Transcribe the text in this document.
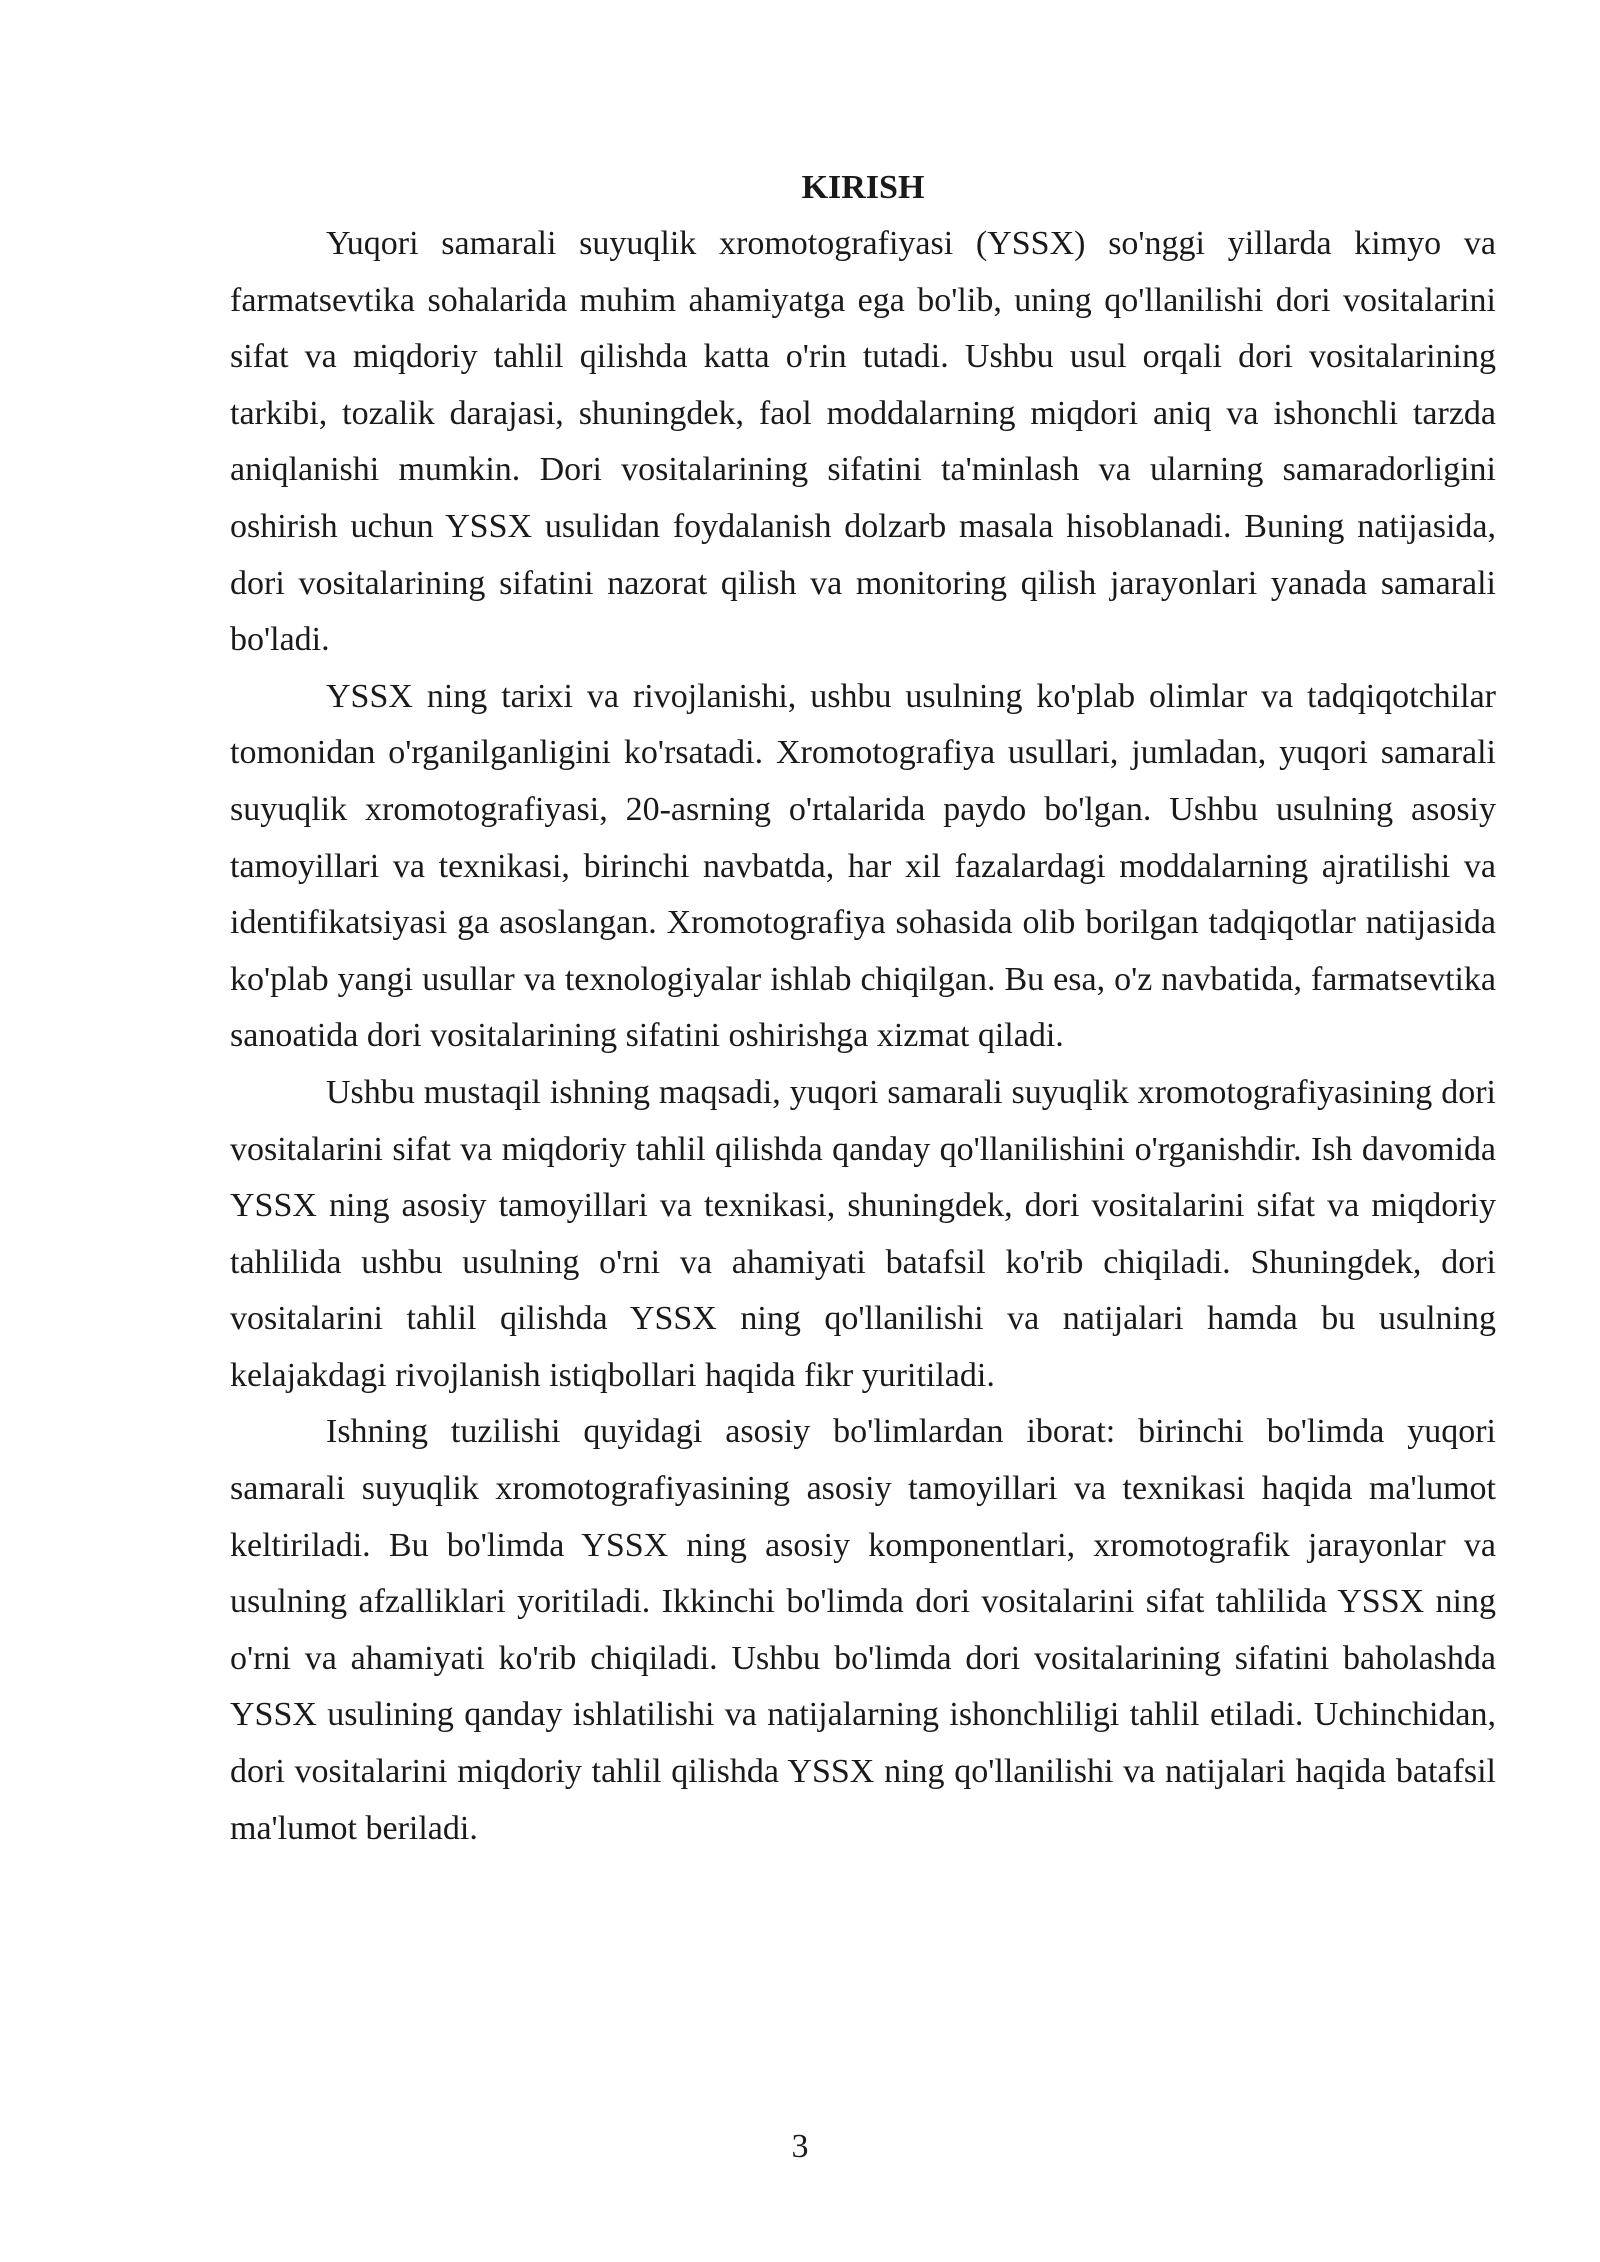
KIRISH

Yuqori samarali suyuqlik xromotografiyasi (YSSX) so'nggi yillarda kimyo va farmatsevtika sohalarida muhim ahamiyatga ega bo'lib, uning qo'llanilishi dori vositalarini sifat va miqdoriy tahlil qilishda katta o'rin tutadi. Ushbu usul orqali dori vositalarining tarkibi, tozalik darajasi, shuningdek, faol moddalarning miqdori aniq va ishonchli tarzda aniqlanishi mumkin. Dori vositalarining sifatini ta'minlash va ularning samaradorligini oshirish uchun YSSX usulidan foydalanish dolzarb masala hisoblanadi. Buning natijasida, dori vositalarining sifatini nazorat qilish va monitoring qilish jarayonlari yanada samarali bo'ladi.

YSSX ning tarixi va rivojlanishi, ushbu usulning ko'plab olimlar va tadqiqotchilar tomonidan o'rganilganligini ko'rsatadi. Xromotografiya usullari, jumladan, yuqori samarali suyuqlik xromotografiyasi, 20-asrning o'rtalarida paydo bo'lgan. Ushbu usulning asosiy tamoyillari va texnikasi, birinchi navbatda, har xil fazalardagi moddalarning ajratilishi va identifikatsiyasi ga asoslangan. Xromotografiya sohasida olib borilgan tadqiqotlar natijasida ko'plab yangi usullar va texnologiyalar ishlab chiqilgan. Bu esa, o'z navbatida, farmatsevtika sanoatida dori vositalarining sifatini oshirishga xizmat qiladi.

Ushbu mustaqil ishning maqsadi, yuqori samarali suyuqlik xromotografiyasining dori vositalarini sifat va miqdoriy tahlil qilishda qanday qo'llanilishini o'rganishdir. Ish davomida YSSX ning asosiy tamoyillari va texnikasi, shuningdek, dori vositalarini sifat va miqdoriy tahlilida ushbu usulning o'rni va ahamiyati batafsil ko'rib chiqiladi. Shuningdek, dori vositalarini tahlil qilishda YSSX ning qo'llanilishi va natijalari hamda bu usulning kelajakdagi rivojlanish istiqbollari haqida fikr yuritiladi.

Ishning tuzilishi quyidagi asosiy bo'limlardan iborat: birinchi bo'limda yuqori samarali suyuqlik xromotografiyasining asosiy tamoyillari va texnikasi haqida ma'lumot keltiriladi. Bu bo'limda YSSX ning asosiy komponentlari, xromotografik jarayonlar va usulning afzalliklari yoritiladi. Ikkinchi bo'limda dori vositalarini sifat tahlilida YSSX ning o'rni va ahamiyati ko'rib chiqiladi. Ushbu bo'limda dori vositalarining sifatini baholashda YSSX usulining qanday ishlatilishi va natijalarning ishonchliligi tahlil etiladi. Uchinchidan, dori vositalarini miqdoriy tahlil qilishda YSSX ning qo'llanilishi va natijalari haqida batafsil ma'lumot beriladi.

3
